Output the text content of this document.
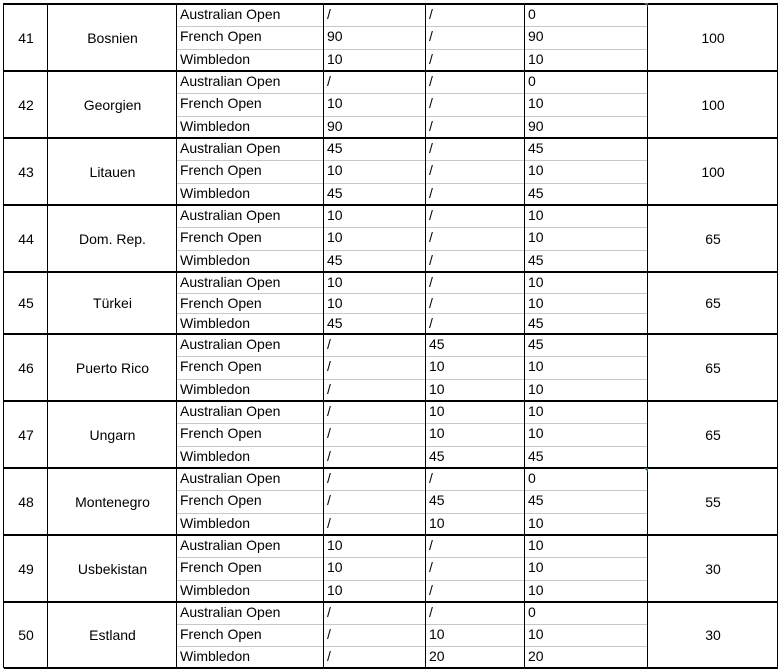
41	Bosnien	100
Australian Open	/	/	0
French Open	90	/	90
Wimbledon	10	/	10
42	Georgien	100
Australian Open	/	/	0
French Open	10	/	10
Wimbledon	90	/	90
43	Litauen	100
Australian Open	45	/	45
French Open	10	/	10
Wimbledon	45	/	45
44	Dom. Rep.	65
Australian Open	10	/	10
French Open	10	/	10
Wimbledon	45	/	45
45	Türkei	65
Australian Open	10	/	10
French Open	10	/	10
Wimbledon	45	/	45
46	Puerto Rico	65
Australian Open	/	45	45
French Open	/	10	10
Wimbledon	/	10	10
47	Ungarn	65
Australian Open	/	10	10
French Open	/	10	10
Wimbledon	/	45	45
48	Montenegro	55
Australian Open	/	/	0
French Open	/	45	45
Wimbledon	/	10	10
49	Usbekistan	30
Australian Open	10	/	10
French Open	10	/	10
Wimbledon	10	/	10
50	Estland	30
Australian Open	/	/	0
French Open	/	10	10
Wimbledon	/	20	20
